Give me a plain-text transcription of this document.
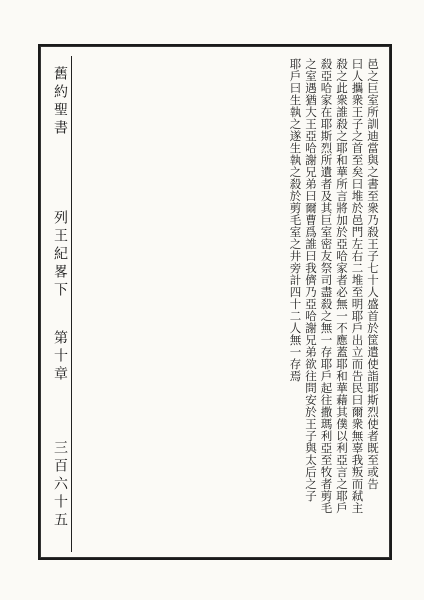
舊約聖書
列王紀畧下
第十章
三百六十五	邑之巨室所訓迪當與之書至衆乃殺王子七十人盛首於筐遣使詣耶斯烈使者既至或告

曰人攜衆王子之首至矣曰堆於邑門左右二堆至明耶戶出立而告民曰爾衆無辜我叛而弒主

殺之此衆誰殺之耶和華所言將加於亞哈家者必無一不應蓋耶和華藉其僕以利亞言之耶戶

殺亞哈家在耶斯烈所遺者及其巨室密友祭司盡殺之無一存耶戶起往撒瑪利亞至牧者剪毛

之室遇猶大王亞哈謝兄弟曰爾曹爲誰曰我儕乃亞哈謝兄弟欲往問安於王子與太后之子

耶戶曰生執之遂生執之殺於剪毛室之井旁計四十二人無一存焉
